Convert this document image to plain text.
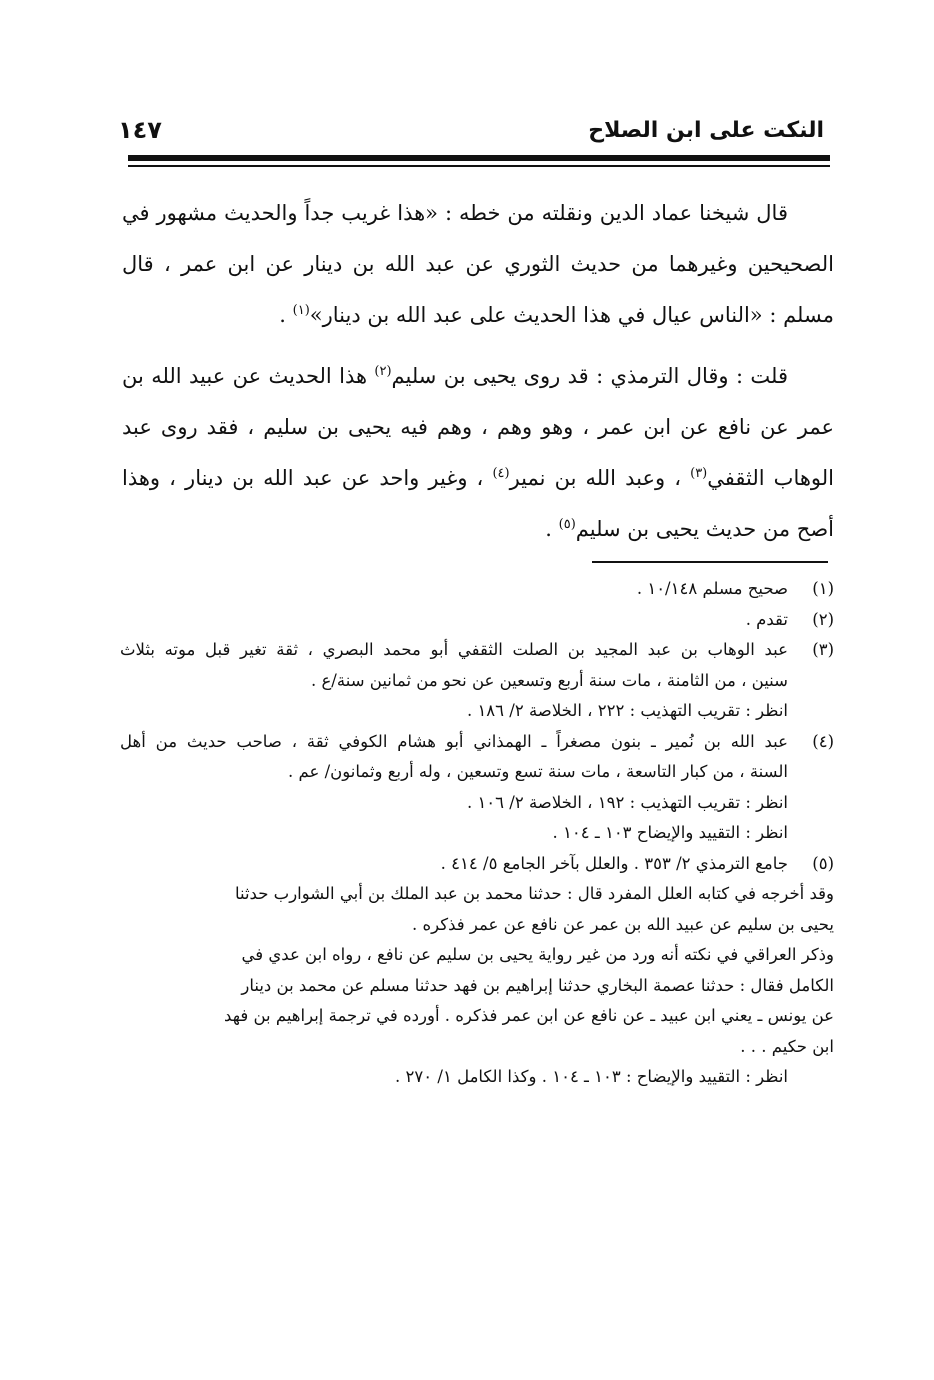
النكت على ابن الصلاح
١٤٧

قال شيخنا عماد الدين ونقلته من خطه : «هذا غريب جداً والحديث مشهور في الصحيحين وغيرهما من حديث الثوري عن عبد الله بن دينار عن ابن عمر ، قال مسلم : «الناس عيال في هذا الحديث على عبد الله بن دينار»$^{(١)}$ .

قلت : وقال الترمذي : قد روى يحيى بن سليم$^{(٢)}$ هذا الحديث عن عبيد الله بن عمر عن نافع عن ابن عمر ، وهو وهم ، وهم فيه يحيى بن سليم ، فقد روى عبد الوهاب الثقفي$^{(٣)}$ ، وعبد الله بن نمير$^{(٤)}$ ، وغير واحد عن عبد الله بن دينار ، وهذا أصح من حديث يحيى بن سليم$^{(٥)}$ .

(١)
صحيح مسلم ١٠/١٤٨ .
(٢)
تقدم .
(٣)
عبد الوهاب بن عبد المجيد بن الصلت الثقفي أبو محمد البصري ، ثقة تغير قبل موته بثلاث
سنين ، من الثامنة ، مات سنة أربع وتسعين عن نحو من ثمانين سنة/ع .
انظر : تقريب التهذيب : ٢٢٢ ، الخلاصة ٢/ ١٨٦ .
(٤)
عبد الله بن نُمير ـ بنون مصغراً ـ الهمذاني أبو هشام الكوفي ثقة ، صاحب حديث من أهل
السنة ، من كبار التاسعة ، مات سنة تسع وتسعين ، وله أربع وثمانون/ عم .
انظر : تقريب التهذيب : ١٩٢ ، الخلاصة ٢/ ١٠٦ .
انظر : التقييد والإيضاح ١٠٣ ـ ١٠٤ .
(٥)
جامع الترمذي ٢/ ٣٥٣ . والعلل بآخر الجامع ٥/ ٤١٤ .
وقد أخرجه في كتابه العلل المفرد قال : حدثنا محمد بن عبد الملك بن أبي الشوارب حدثنا
يحيى بن سليم عن عبيد الله بن عمر عن نافع عن عمر فذكره .
وذكر العراقي في نكته أنه ورد من غير رواية يحيى بن سليم عن نافع ، رواه ابن عدي في
الكامل فقال : حدثنا عصمة البخاري حدثنا إبراهيم بن فهد حدثنا مسلم عن محمد بن دينار
عن يونس ـ يعني ابن عبيد ـ عن نافع عن ابن عمر فذكره . أورده في ترجمة إبراهيم بن فهد
ابن حكيم . . .
انظر : التقييد والإيضاح : ١٠٣ ـ ١٠٤ . وكذا الكامل ١/ ٢٧٠ .
